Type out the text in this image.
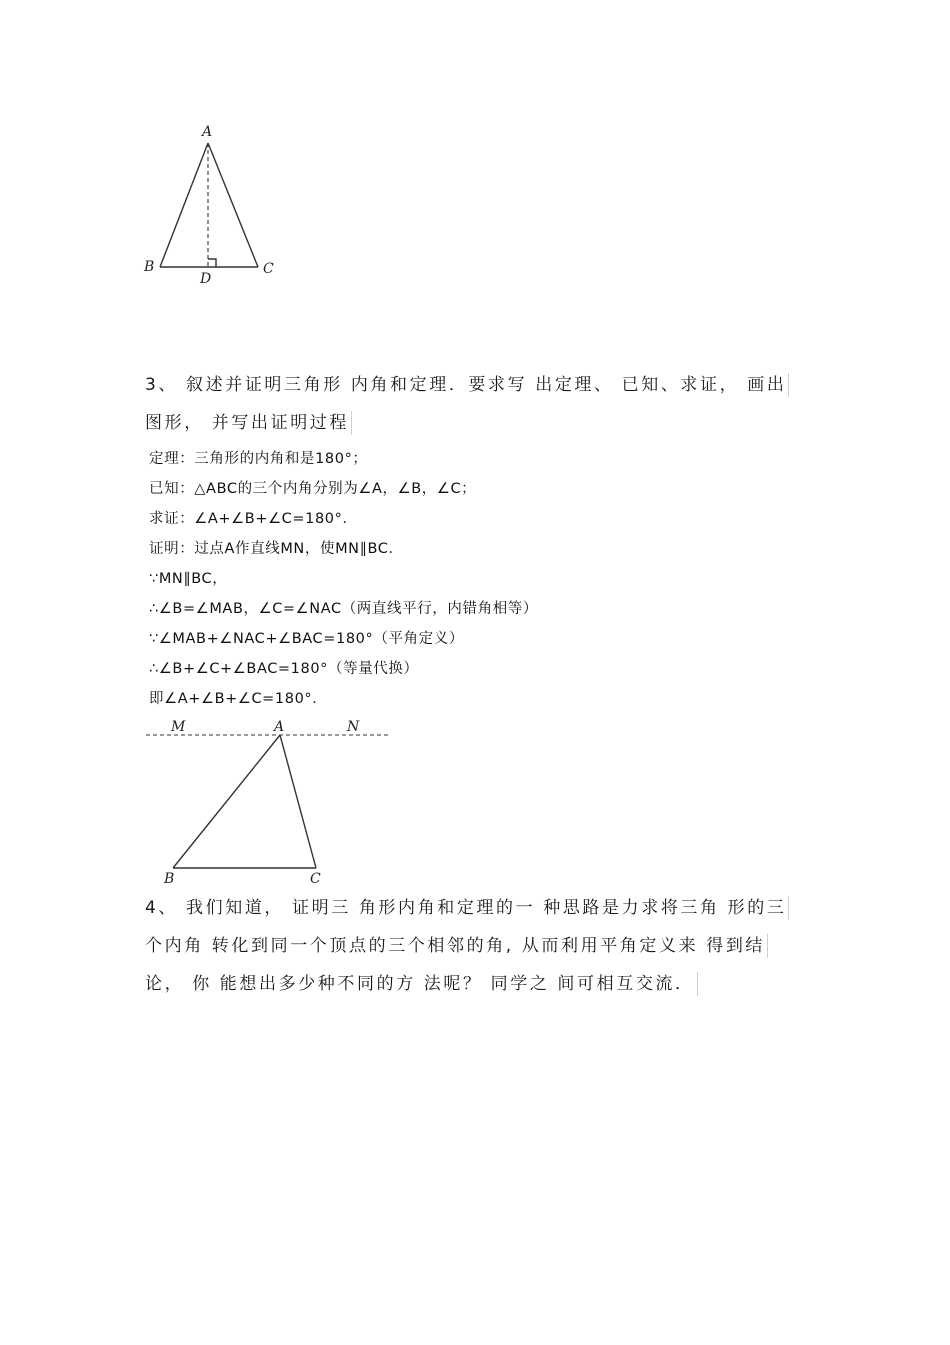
A
B	C
D
3、 叙述并证明三角形 内角和定理．要求写 出定理、 已知、求证， 画出
图形， 并写出证明过程
定理：三角形的内角和是180°；
已知：△ABC的三个内角分别为∠A，∠B，∠C；
求证：∠A+∠B+∠C=180°．
证明：过点A作直线MN，使MN∥BC．
∵MN∥BC，
∴∠B=∠MAB，∠C=∠NAC（两直线平行，内错角相等）
∵∠MAB+∠NAC+∠BAC=180°（平角定义）
∴∠B+∠C+∠BAC=180°（等量代换）
即∠A+∠B+∠C=180°．
M	A	N
B	C
4、 我们知道， 证明三 角形内角和定理的一 种思路是力求将三角 形的三
个内角 转化到同一个顶点的三个相邻的角, 从而利用平角定义来 得到结
论， 你 能想出多少种不同的方 法呢？ 同学之 间可相互交流．
